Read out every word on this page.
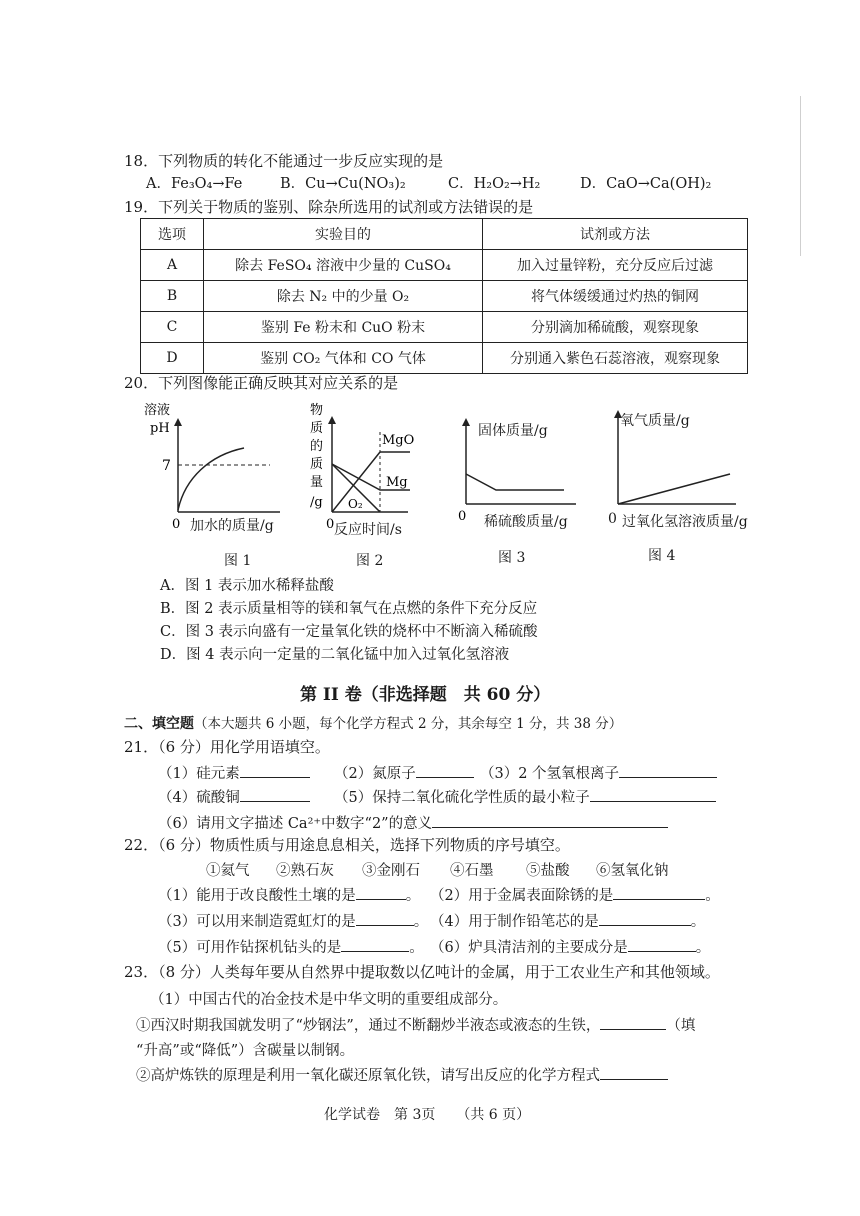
18．下列物质的转化不能通过一步反应实现的是
A．Fe₃O₄→Fe	B．Cu→Cu(NO₃)₂	C．H₂O₂→H₂	D．CaO→Ca(OH)₂
19．下列关于物质的鉴别、除杂所选用的试剂或方法错误的是
选项	实验目的	试剂或方法
A	除去 FeSO₄ 溶液中少量的 CuSO₄	加入过量锌粉，充分反应后过滤
B	除去 N₂ 中的少量 O₂	将气体缓缓通过灼热的铜网
C	鉴别 Fe 粉末和 CuO 粉末	分别滴加稀硫酸，观察现象
D	鉴别 CO₂ 气体和 CO 气体	分别通入紫色石蕊溶液，观察现象
20．下列图像能正确反映其对应关系的是
溶液
pH
7
0 加水的质量/g
图 1
物
质
的
质
量
/g
MgO
Mg
O₂
0 反应时间/s
图 2
0
固体质量/g
稀硫酸质量/g
图 3
氧气质量/g
0 过氧化氢溶液质量/g
图 4
A．图 1 表示加水稀释盐酸
B．图 2 表示质量相等的镁和氧气在点燃的条件下充分反应
C．图 3 表示向盛有一定量氧化铁的烧杯中不断滴入稀硫酸
D．图 4 表示向一定量的二氧化锰中加入过氧化氢溶液
第 II 卷（非选择题　共 60 分）
二、填空题（本大题共 6 小题，每个化学方程式 2 分，其余每空 1 分，共 38 分）
21．（6 分）用化学用语填空。
（1）硅元素	（2）氮原子	（3）2 个氢氧根离子
（4）硫酸铜	（5）保持二氧化硫化学性质的最小粒子
（6）请用文字描述 Ca²⁺中数字“2”的意义
22．（6 分）物质性质与用途息息相关，选择下列物质的序号填空。
①氦气 ②熟石灰 ③金刚石 ④石墨 ⑤盐酸 ⑥氢氧化钠
（1）能用于改良酸性土壤的是	。 （2）用于金属表面除锈的是	。
（3）可以用来制造霓虹灯的是	。 （4）用于制作铅笔芯的是	。
（5）可用作钻探机钻头的是	。 （6）炉具清洁剂的主要成分是	。
23．（8 分）人类每年要从自然界中提取数以亿吨计的金属，用于工农业生产和其他领域。
（1）中国古代的冶金技术是中华文明的重要组成部分。
①西汉时期我国就发明了“炒钢法”，通过不断翻炒半液态或液态的生铁，	（填
“升高”或“降低”）含碳量以制钢。
②高炉炼铁的原理是利用一氧化碳还原氧化铁，请写出反应的化学方程式
化学试卷　第 3页　　 （共 6 页）
